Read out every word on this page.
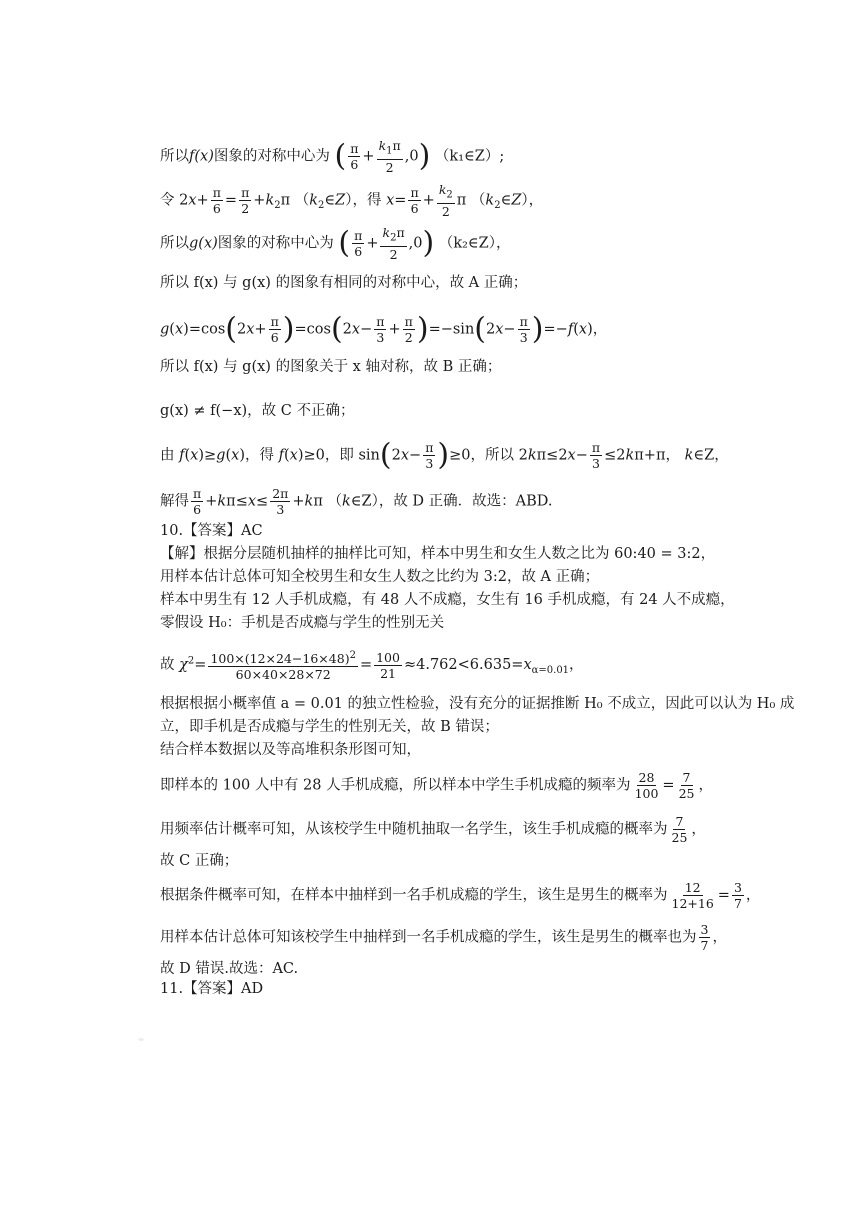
所以f(x)图象的对称中心为 ( $\frac{\pi}{6} + \frac{k_1\pi}{2} ,0$) （k₁∈Z）;
令 $2x+ \frac{\pi}{6} = \frac{\pi}{2} +k_2\pi$ $(k_2\in Z)$，得 $x= \frac{\pi}{6} + \frac{k_2}{2}$ π $(k_2\in Z)$，
所以g(x)图象的对称中心为 ( $\frac{\pi}{6} + \frac{k_2\pi}{2} ,0$) （k₂∈Z），
所以 f(x) 与 g(x) 的图象有相同的对称中心，故 A 正确；
$g(x)=\cos(2x+ \frac{\pi}{6} )=\cos(2x- \frac{\pi}{3} + \frac{\pi}{2} )=-\sin(2x- \frac{\pi}{3} )=-f(x)$，
所以 f(x) 与 g(x) 的图象关于 x 轴对称，故 B 正确；
g(x) ≠ f(−x)，故 C 不正确；
由 f(x)≥g(x)，得 f(x)≥0，即 $\sin(2x- \frac{\pi}{3} )\ge 0$，所以 $2k\pi\le 2x- \frac{\pi}{3} \le 2k\pi+\pi$， k∈Z，
解得 $\frac{\pi}{6} +k\pi\le x\le \frac{2\pi}{3} +k\pi$ （k∈Z），故 D 正确．故选：ABD.
10.【答案】AC
【解】根据分层随机抽样的抽样比可知，样本中男生和女生人数之比为 60:40 = 3:2，
用样本估计总体可知全校男生和女生人数之比约为 3:2，故 A 正确；
样本中男生有 12 人手机成瘾，有 48 人不成瘾，女生有 16 手机成瘾，有 24 人不成瘾，
零假设 H₀：手机是否成瘾与学生的性别无关
故 $\chi^2= \frac{100\times(12\times 24-16\times 48)^2}{60\times 40\times 28\times 72} = \frac{100}{21} \approx 4.762<6.635=x_{\alpha=0.01}$，
根据根据小概率值 a = 0.01 的独立性检验，没有充分的证据推断 H₀ 不成立，因此可以认为 H₀ 成
立，即手机是否成瘾与学生的性别无关，故 B 错误；
结合样本数据以及等高堆积条形图可知，
即样本的 100 人中有 28 人手机成瘾，所以样本中学生手机成瘾的频率为 $\frac{28}{100} = \frac{7}{25}$ ，
用频率估计概率可知，从该校学生中随机抽取一名学生，该生手机成瘾的概率为 $\frac{7}{25}$ ，
故 C 正确；
根据条件概率可知，在样本中抽样到一名手机成瘾的学生，该生是男生的概率为 $\frac{12}{12+16} = \frac{3}{7}$ ，
用样本估计总体可知该校学生中抽样到一名手机成瘾的学生，该生是男生的概率也为 $\frac{3}{7}$ ，
故 D 错误.故选：AC.
11.【答案】AD
